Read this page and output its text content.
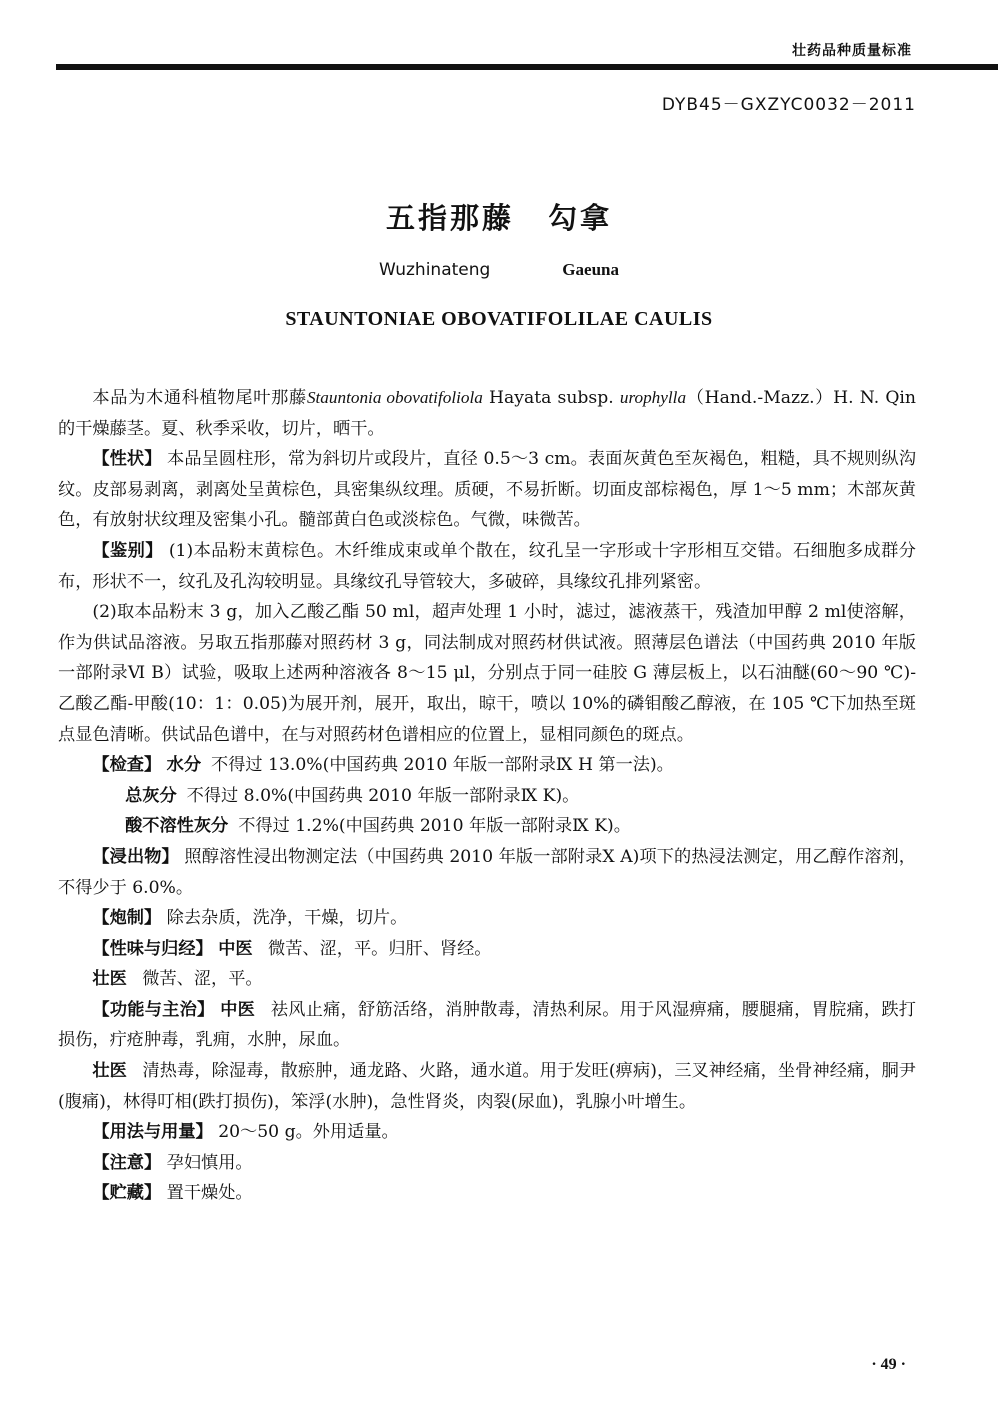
壮药品种质量标准
DYB45－GXZYC0032－2011
五指那藤 勾拿
Wuzhinateng	Gaeuna
STAUNTONIAE OBOVATIFOLILAE CAULIS

本品为木通科植物尾叶那藤Stauntonia obovatifoliola Hayata subsp. urophylla（Hand.-Mazz.）H. N. Qin 的干燥藤茎。夏、秋季采收，切片，晒干。

【性状】 本品呈圆柱形，常为斜切片或段片，直径 0.5～3 cm。表面灰黄色至灰褐色，粗糙，具不规则纵沟纹。皮部易剥离，剥离处呈黄棕色，具密集纵纹理。质硬，不易折断。切面皮部棕褐色，厚 1～5 mm；木部灰黄色，有放射状纹理及密集小孔。髓部黄白色或淡棕色。气微，味微苦。

【鉴别】 (1)本品粉末黄棕色。木纤维成束或单个散在，纹孔呈一字形或十字形相互交错。石细胞多成群分布，形状不一，纹孔及孔沟较明显。具缘纹孔导管较大，多破碎，具缘纹孔排列紧密。

(2)取本品粉末 3 g，加入乙酸乙酯 50 ml，超声处理 1 小时，滤过，滤液蒸干，残渣加甲醇 2 ml使溶解，作为供试品溶液。另取五指那藤对照药材 3 g，同法制成对照药材供试液。照薄层色谱法（中国药典 2010 年版一部附录Ⅵ B）试验，吸取上述两种溶液各 8～15 μl，分别点于同一硅胶 G 薄层板上，以石油醚(60～90 ℃)-乙酸乙酯-甲酸(10：1：0.05)为展开剂，展开，取出，晾干，喷以 10%的磷钼酸乙醇液，在 105 ℃下加热至斑点显色清晰。供试品色谱中，在与对照药材色谱相应的位置上，显相同颜色的斑点。

【检查】 水分 不得过 13.0%(中国药典 2010 年版一部附录Ⅸ H 第一法)。

总灰分 不得过 8.0%(中国药典 2010 年版一部附录Ⅸ K)。

酸不溶性灰分 不得过 1.2%(中国药典 2010 年版一部附录Ⅸ K)。

【浸出物】 照醇溶性浸出物测定法（中国药典 2010 年版一部附录Ⅹ A)项下的热浸法测定，用乙醇作溶剂，不得少于 6.0%。

【炮制】 除去杂质，洗净，干燥，切片。

【性味与归经】 中医 微苦、涩，平。归肝、肾经。

壮医 微苦、涩，平。

【功能与主治】 中医 祛风止痛，舒筋活络，消肿散毒，清热利尿。用于风湿痹痛，腰腿痛，胃脘痛，跌打损伤，疔疮肿毒，乳痈，水肿，尿血。

壮医 清热毒，除湿毒，散瘀肿，通龙路、火路，通水道。用于发旺(痹病)，三叉神经痛，坐骨神经痛，胴尹(腹痛)，林得叮相(跌打损伤)，笨浮(水肿)，急性肾炎，肉裂(尿血)，乳腺小叶增生。

【用法与用量】 20～50 g。外用适量。

【注意】 孕妇慎用。

【贮藏】 置干燥处。

· 49 ·
